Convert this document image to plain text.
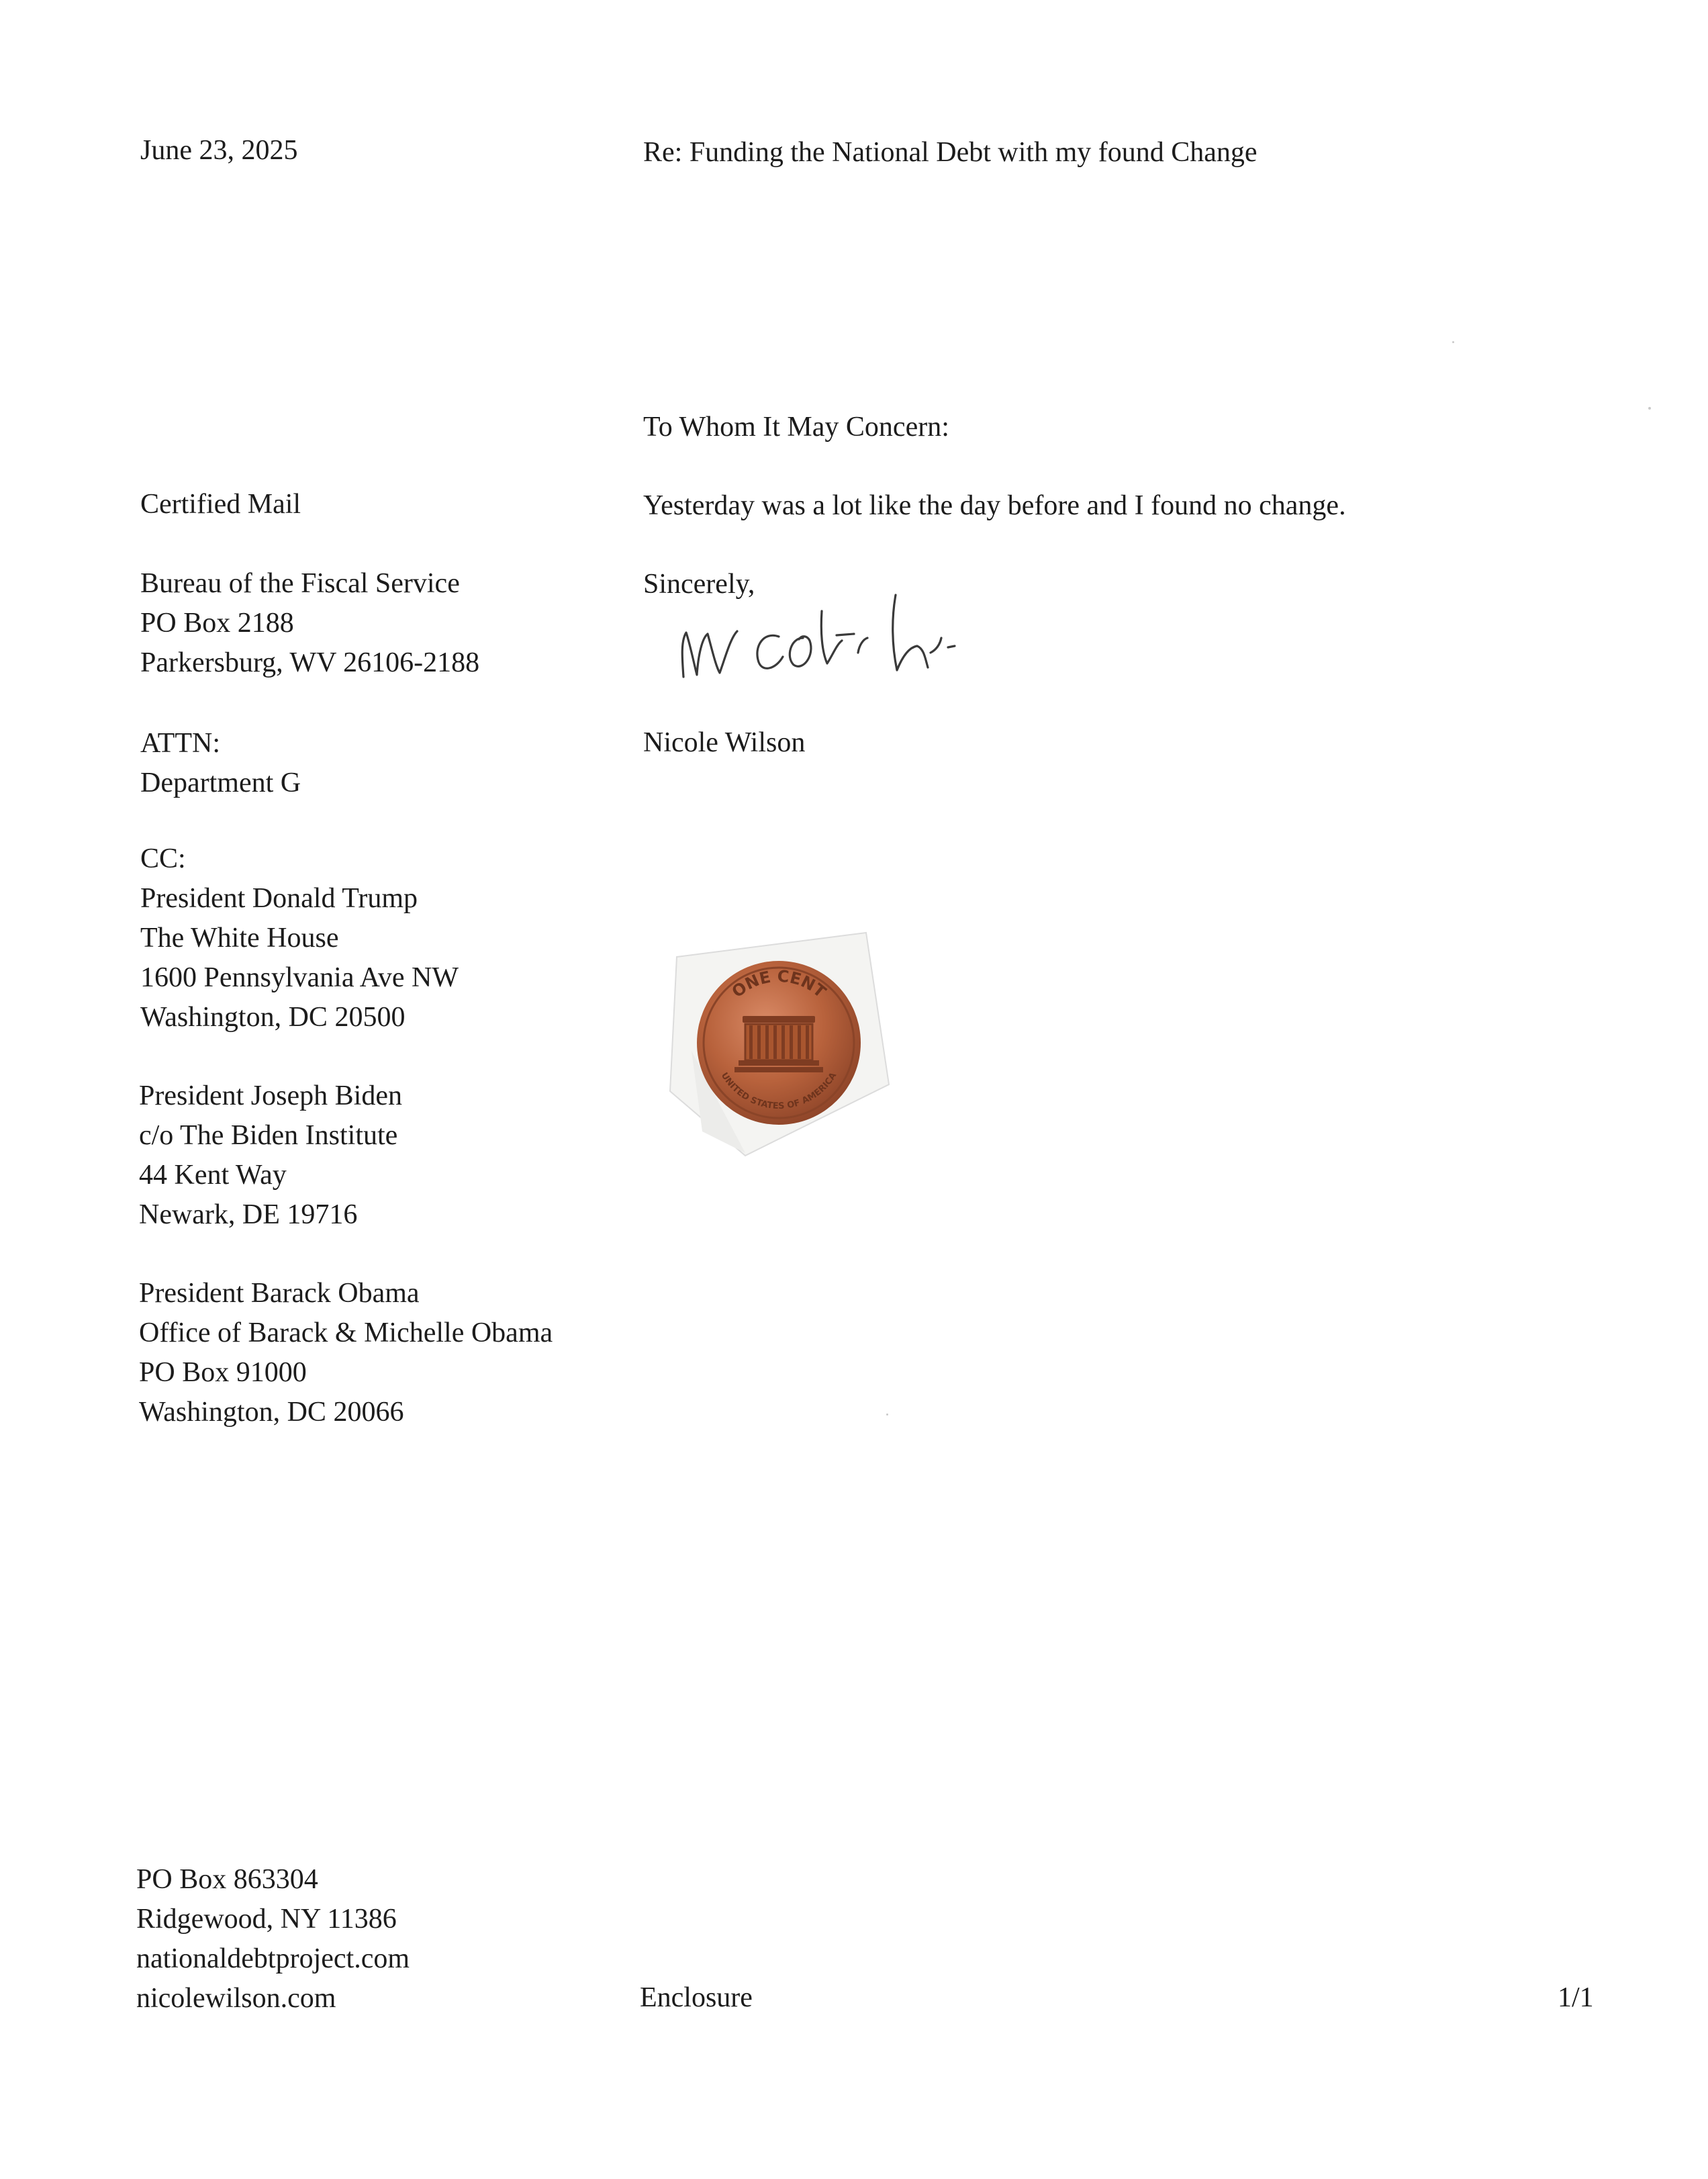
June 23, 2025	Re: Funding the National Debt with my found Change
To Whom It May Concern:
Yesterday was a lot like the day before and I found no change.
Sincerely,
Nicole Wilson
ONE CENT
UNITED STATES OF AMERICA
Certified Mail
Bureau of the Fiscal Service
PO Box 2188
Parkersburg, WV 26106-2188
ATTN:
Department G
CC:
President Donald Trump
The White House
1600 Pennsylvania Ave NW
Washington, DC 20500
President Joseph Biden
c/o The Biden Institute
44 Kent Way
Newark, DE 19716
President Barack Obama
Office of Barack & Michelle Obama
PO Box 91000
Washington, DC 20066
PO Box 863304
Ridgewood, NY 11386
nationaldebtproject.com
nicolewilson.com	Enclosure	1/1
